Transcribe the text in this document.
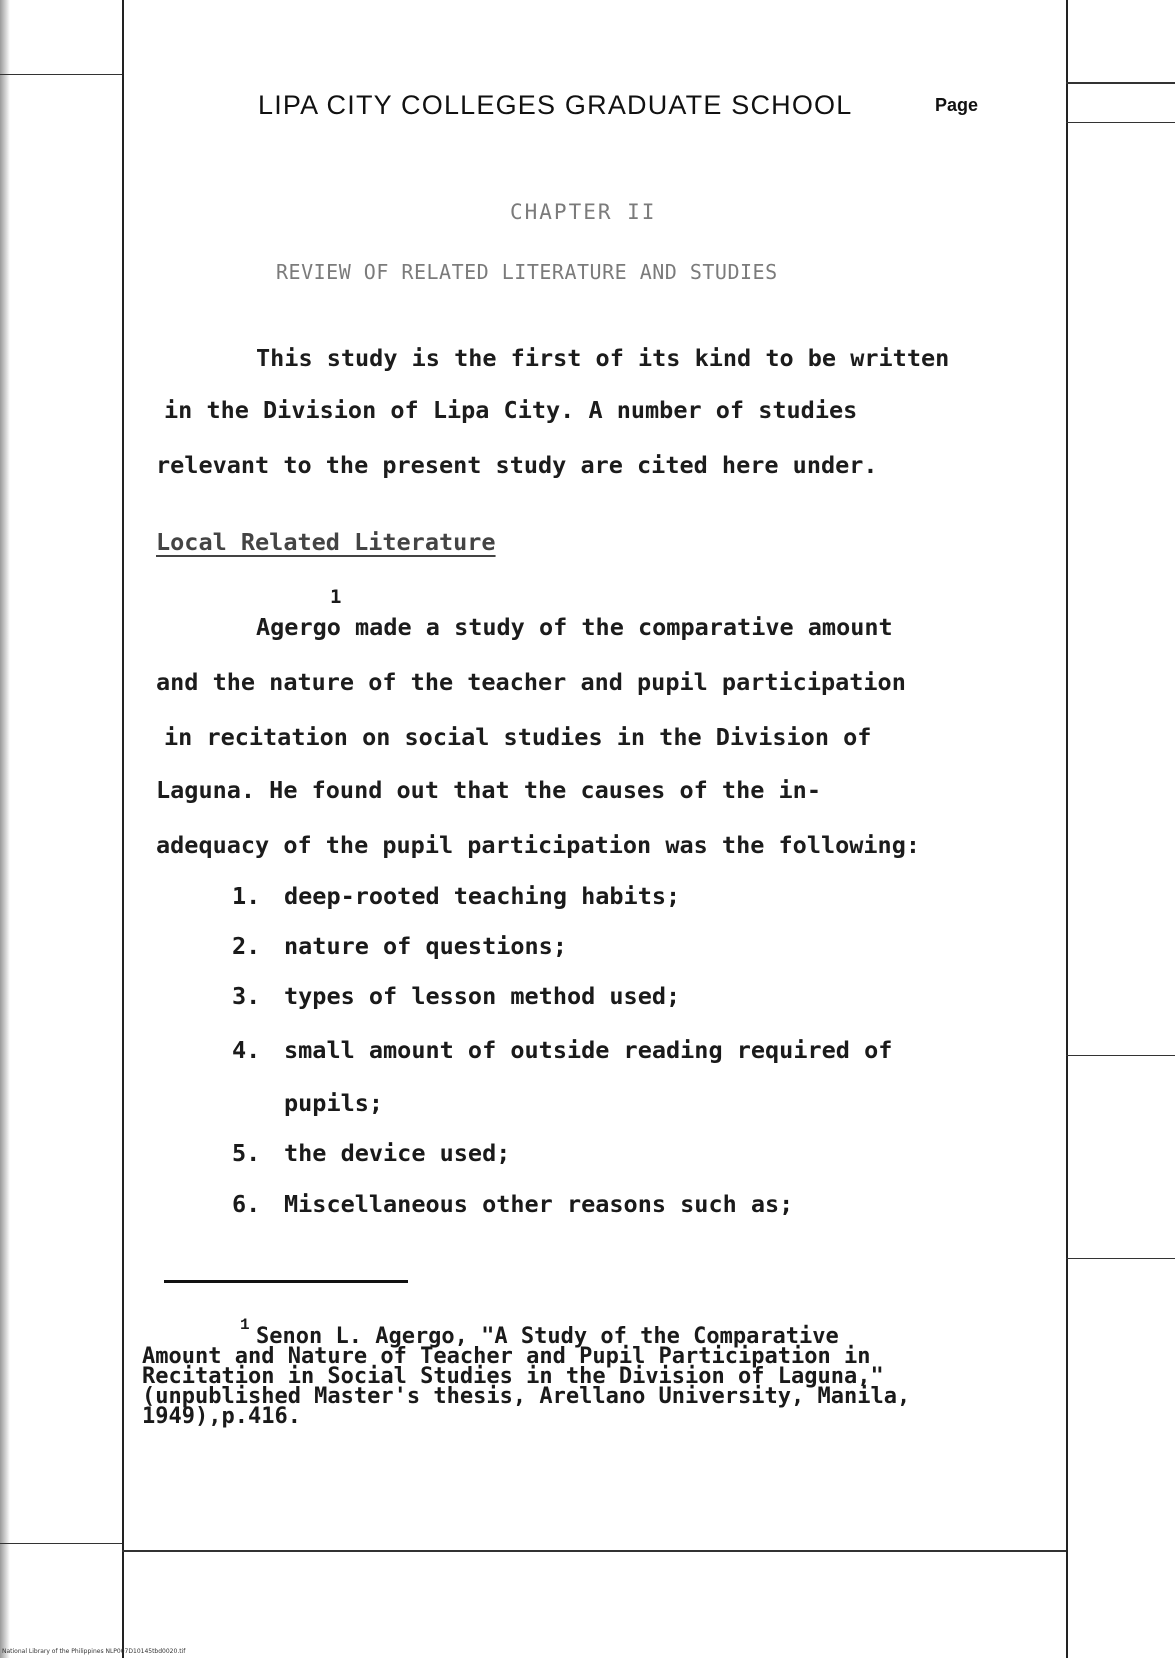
LIPA CITY COLLEGES GRADUATE SCHOOL	Page
CHAPTER II
REVIEW OF RELATED LITERATURE AND STUDIES
This study is the first of its kind to be written
in the Division of Lipa City. A number of studies
relevant to the present study are cited here under.
Local Related Literature
Agergo made a study of the comparative amount
1
and the nature of the teacher and pupil participation
in recitation on social studies in the Division of
Laguna. He found out that the causes of the in-
adequacy of the pupil participation was the following:
1. deep-rooted teaching habits;
2. nature of questions;
3. types of lesson method used;
4. small amount of outside reading required of
pupils;
5. the device used;
6. Miscellaneous other reasons such as;
1 Senon L. Agergo, "A Study of the Comparative
Amount and Nature of Teacher and Pupil Participation in
Recitation in Social Studies in the Division of Laguna,"
(unpublished Master's thesis, Arellano University, Manila,
1949),p.416.
National Library of the Philippines NLP007D10145tbd0020.tif
